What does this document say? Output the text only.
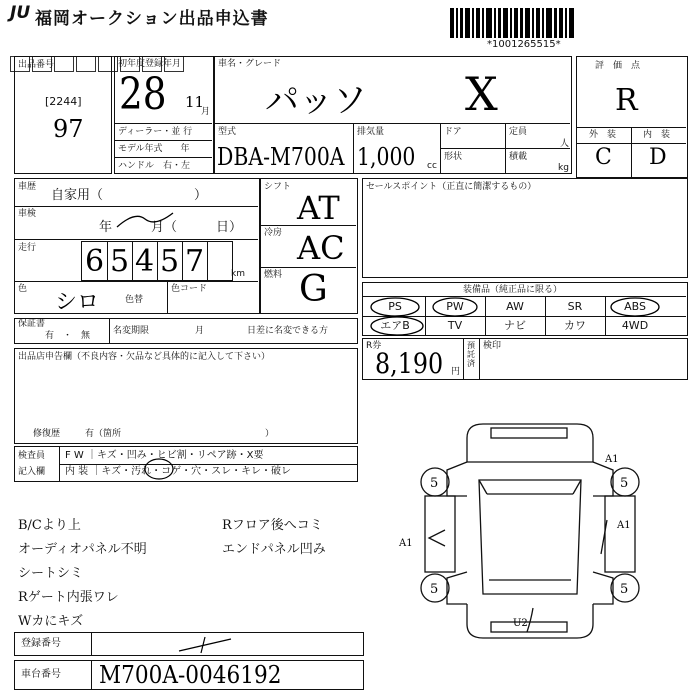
JU 福岡オークション出品申込書
*1001265515*
出品番号
[2244]
97
初年度登録年月
28 11
月
ディーラー・並 行
モデル年式　　年
ハンドル　右・左
車名・グレード
パッソ X
型式
DBA-M700A
排気量
1,000 cc
ドア	定員
人
形状	積載
kg
評　価　点
R
外　装	内　装
C D
車歴
自家用（　　　　　　　）
車検
年　　　月（　　　日）
走行 6 5 4 5 7	km
色
シロ	色替
色コード
シフト
AT
冷房 AC
燃料 G
セールスポイント（正直に簡潔するもの）
装備品（純正品に限る）
PS	PW	AW	SR	ABS
エアB	TV	ナビ	カワ	4WD
保証書
有　・　無	名変期限	月	日差に名変できる方
R券
8,190 円
預託済
検印
出品店申告欄（不良内容・欠品など具体的に記入して下さい）
修復歴	有（箇所　　　　　　　　　　　　　　　　）
検査員
記入欄
F W ｜キズ・凹み・ヒビ割・リペア跡・X要
内 装 ｜キズ・汚れ・コゲ・穴・スレ・キレ・破レ
B/Cより上
オーディオパネル不明
シートシミ
Rゲート内張ワレ
Wカにキズ
Rフロア後へコミ
エンドパネル凹み
5	5
5	5
A1
A1
A1
U2
登録番号
車台番号 M700A-0046192
